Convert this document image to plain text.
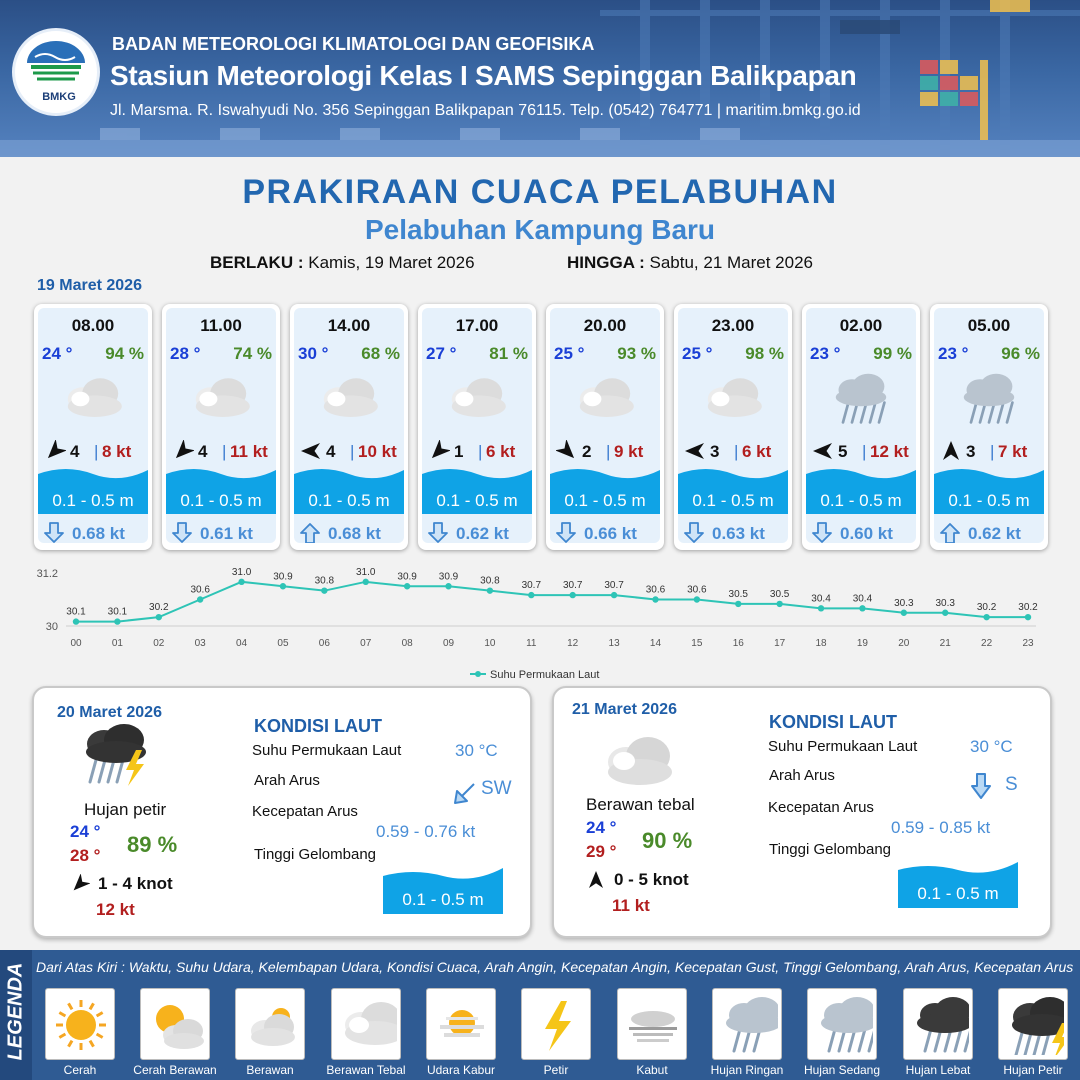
BMKG
BADAN METEOROLOGI KLIMATOLOGI DAN GEOFISIKA
Stasiun Meteorologi Kelas I SAMS Sepinggan Balikpapan
Jl. Marsma. R. Iswahyudi No. 356 Sepinggan Balikpapan 76115. Telp. (0542) 764771 | maritim.bmkg.go.id
PRAKIRAAN CUACA PELABUHAN
Pelabuhan Kampung Baru
BERLAKU : Kamis, 19 Maret 2026	HINGGA : Sabtu, 21 Maret 2026
19 Maret 2026
08.00
24 ° 94 %
4 | 8 kt
0.1 - 0.5 m
0.68 kt
11.00
28 ° 74 %
4 | 11 kt
0.1 - 0.5 m
0.61 kt
14.00
30 ° 68 %
4 | 10 kt
0.1 - 0.5 m
0.68 kt
17.00
27 ° 81 %
1 | 6 kt
0.1 - 0.5 m
0.62 kt
20.00
25 ° 93 %
2 | 9 kt
0.1 - 0.5 m
0.66 kt
23.00
25 ° 98 %
3 | 6 kt
0.1 - 0.5 m
0.63 kt
02.00
23 ° 99 %
5 | 12 kt
0.1 - 0.5 m
0.60 kt
05.00
23 ° 96 %
3 | 7 kt
0.1 - 0.5 m
0.62 kt
31.2
30
30.1
00
30.1
01
30.2
02
30.6
03
31.0
04
30.9
05
30.8
06
31.0
07
30.9
08
30.9
09
30.8
10
30.7
11
30.7
12
30.7
13
30.6
14
30.6
15
30.5
16
30.5
17
30.4
18
30.4
19
30.3
20
30.3
21
30.2
22
30.2
23
Suhu Permukaan Laut
20 Maret 2026
Hujan petir
24 °
28 ° 89 %
1 - 4 knot
12 kt
KONDISI LAUT
Suhu Permukaan Laut	30 °C
Arah Arus	SW
Kecepatan Arus
0.59 - 0.76 kt
Tinggi Gelombang
0.1 - 0.5 m
21 Maret 2026
Berawan tebal
24 °
29 ° 90 %
0 - 5 knot
11 kt
KONDISI LAUT
Suhu Permukaan Laut	30 °C
Arah Arus	S
Kecepatan Arus
0.59 - 0.85 kt
Tinggi Gelombang
0.1 - 0.5 m
LEGENDA Dari Atas Kiri : Waktu, Suhu Udara, Kelembapan Udara, Kondisi Cuaca, Arah Angin, Kecepatan Angin, Kecepatan Gust, Tinggi Gelombang, Arah Arus, Kecepatan Arus
Cerah	Cerah Berawan	Berawan	Berawan Tebal	Udara Kabur	Petir	Kabut	Hujan Ringan	Hujan Sedang	Hujan Lebat	Hujan Petir
